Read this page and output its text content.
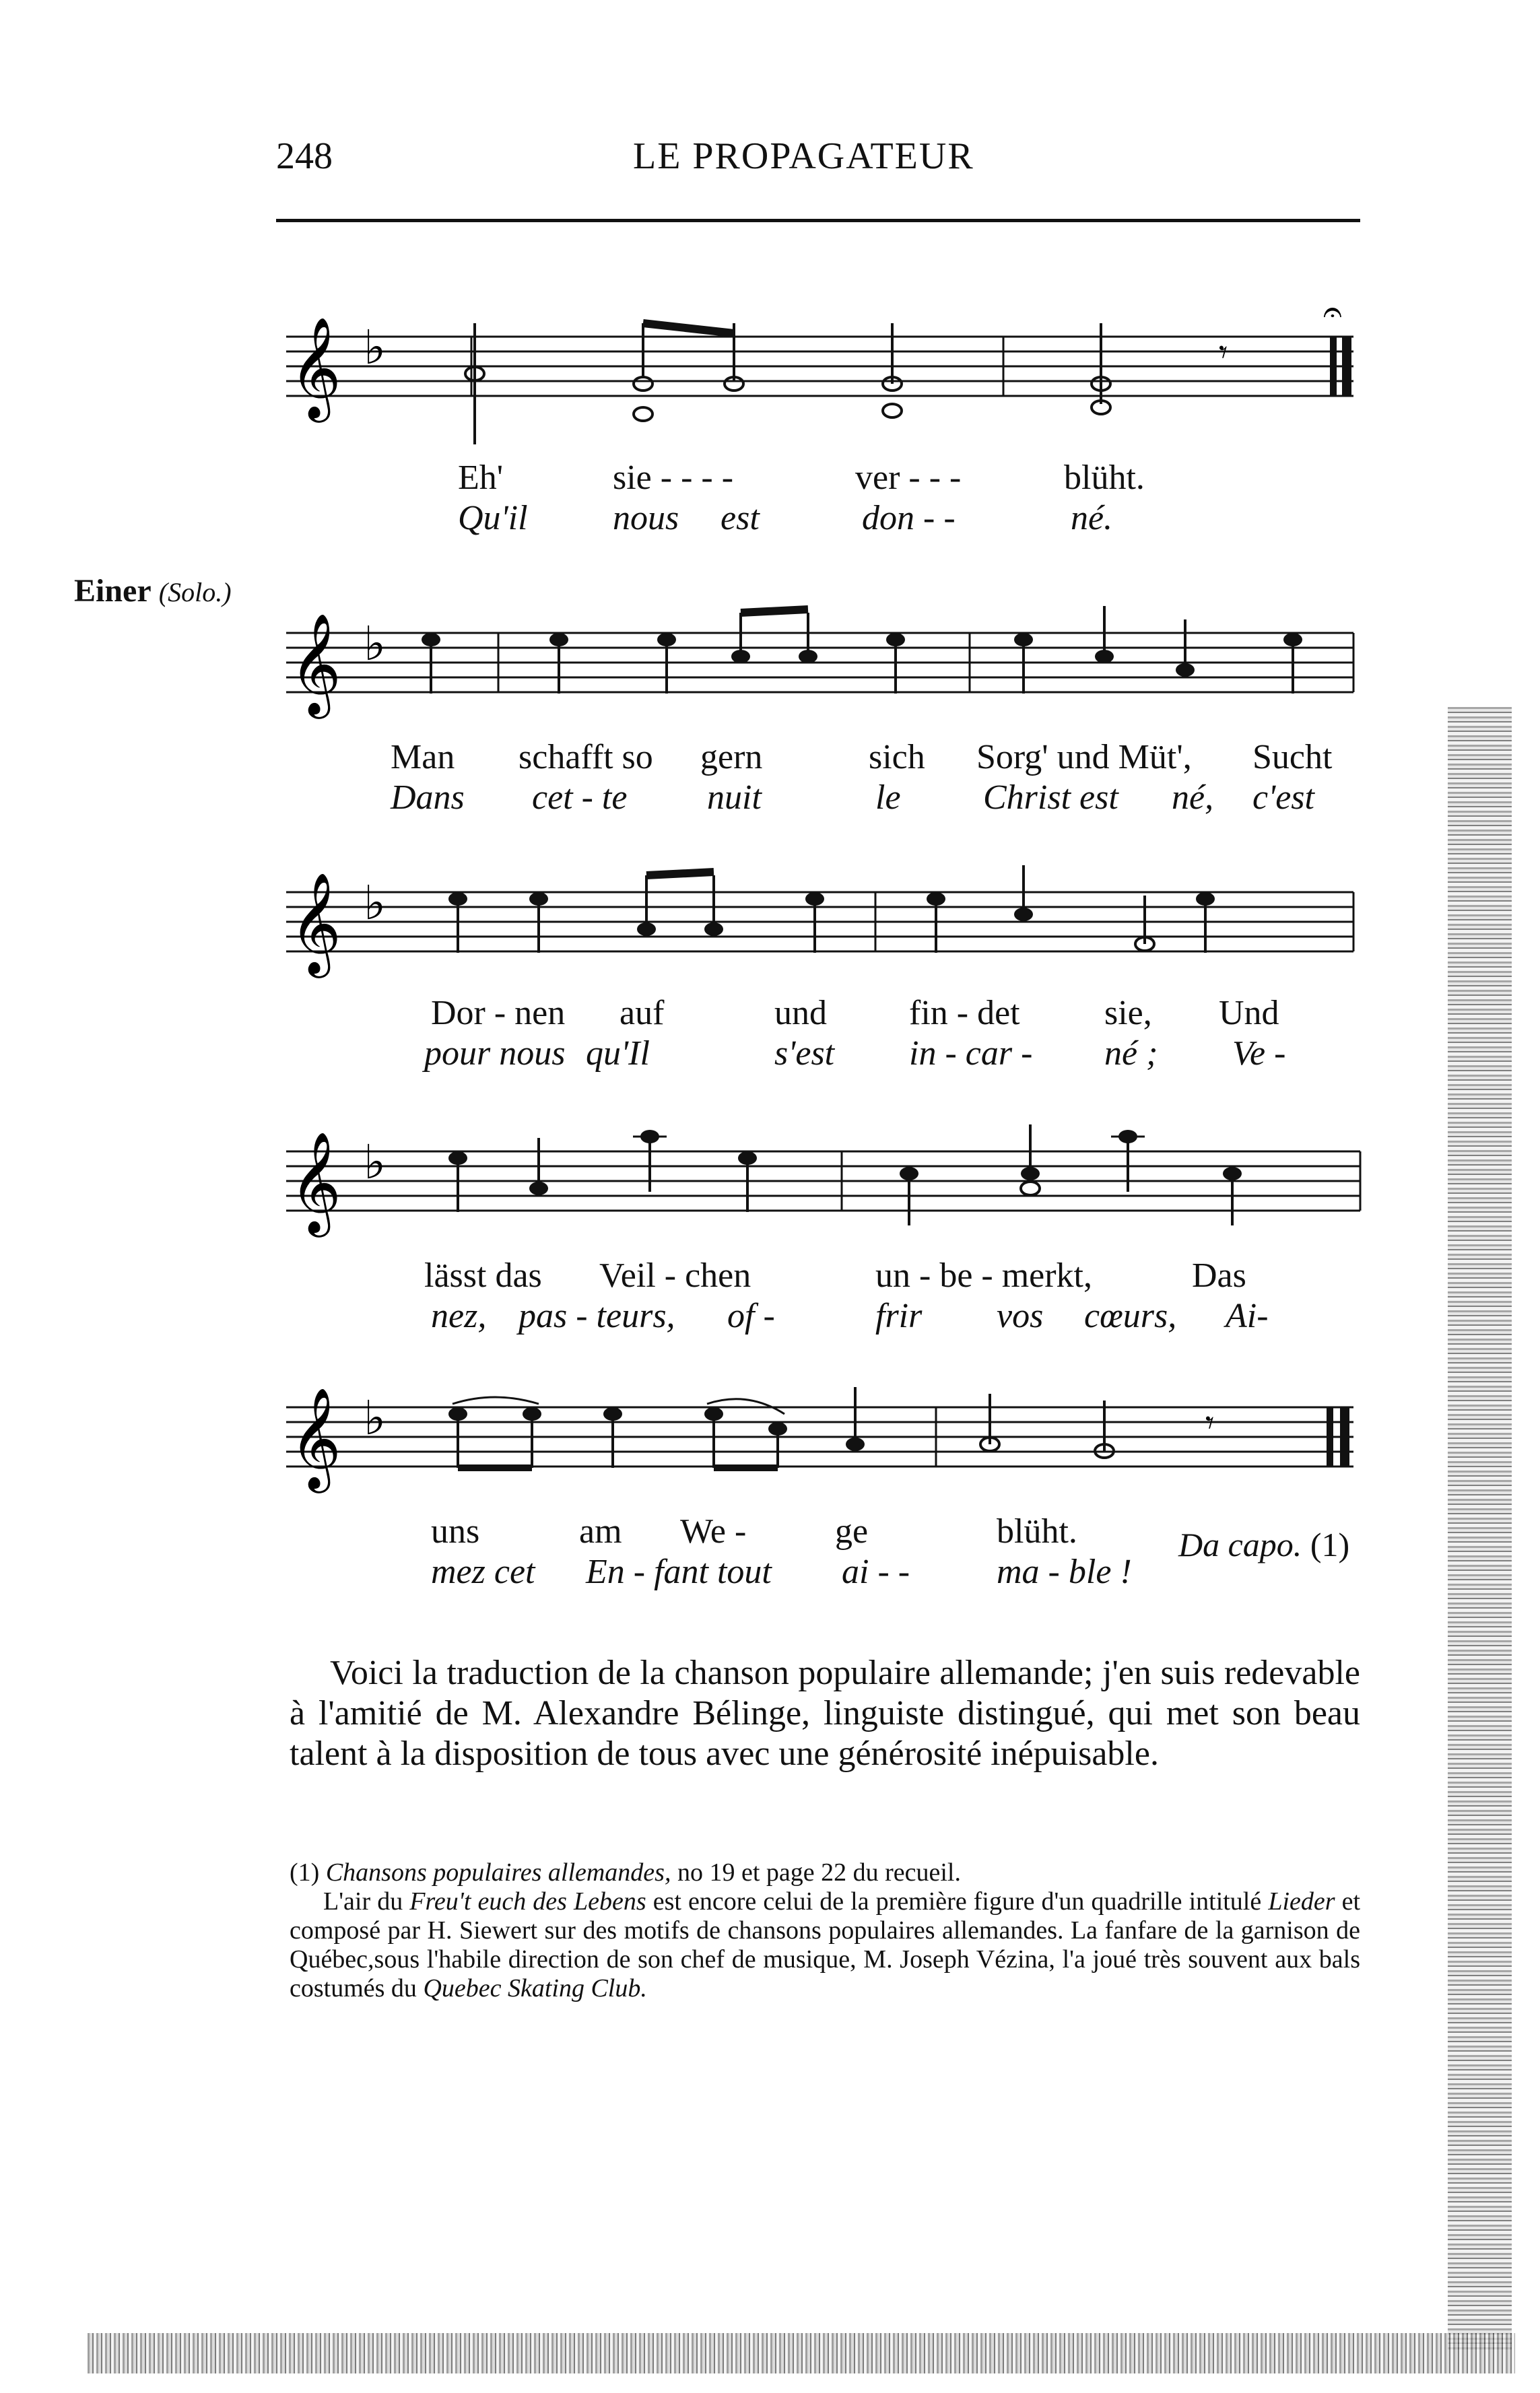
248	LE PROPAGATEUR
𝄞 ♭	𝄾
𝄐
Eh'	sie - - - -	ver - - -	blüht.
Qu'il nous est	don - -	né.
Einer (Solo.)
𝄞 ♭
Man schafft so gern	sich Sorg' und Müt', Sucht
Dans cet - te nuit	le Christ est né, c'est
𝄞 ♭
Dor - nen auf	und fin - det sie, Und
pour nous qu'Il	s'est in - car - né ; Ve -
𝄞 ♭
lässt das Veil - chen	un - be - merkt,	Das
nez, pas - teurs, of -	frir vos cœurs, Ai-
𝄞 ♭	𝄾
uns	am We -	ge	blüht.
mez cet En - fant tout ai - - ma - ble !
Da capo. (1)

Voici la traduction de la chanson populaire allemande; j'en suis redevable à l'amitié de M. Alexandre Bélinge, linguiste distingué, qui met son beau talent à la disposition de tous avec une générosité inépuisable.

(1) Chansons populaires allemandes, no 19 et page 22 du recueil.

L'air du Freu't euch des Lebens est encore celui de la première figure d'un quadrille intitulé Lieder et composé par H. Siewert sur des motifs de chansons populaires allemandes. La fanfare de la garnison de Québec,sous l'habile direction de son chef de musique, M. Joseph Vézina, l'a joué très souvent aux bals costumés du Quebec Skating Club.
